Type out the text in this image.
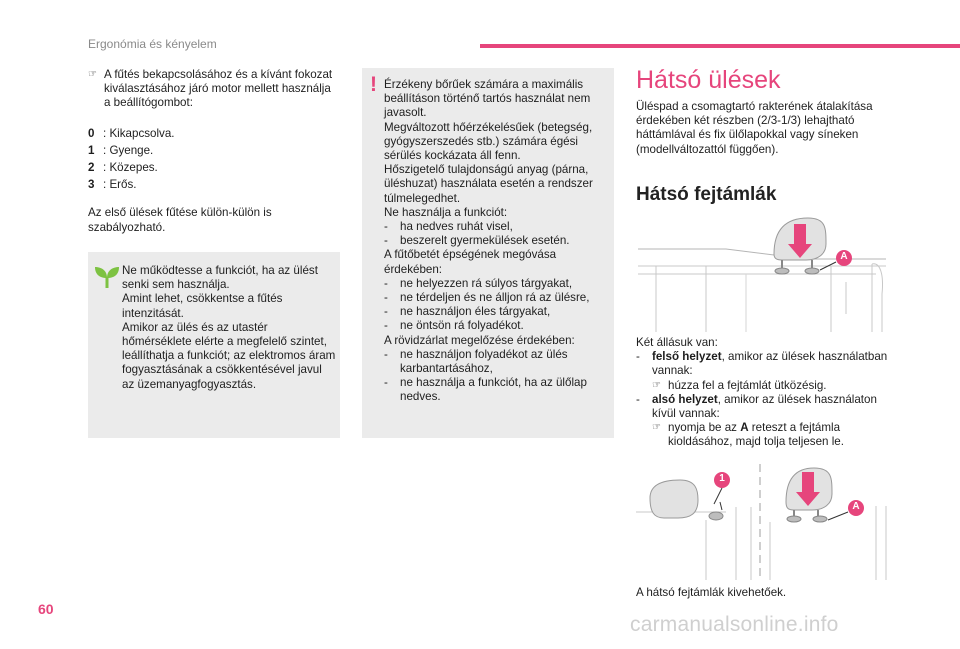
Ergonómia és kényelem
☞ A fűtés bekapcsolásához és a kívánt fokozat kiválasztásához járó motor mellett használja a beállítógombot:
0 : Kikapcsolva.
1 : Gyenge.
2 : Közepes.
3 : Erős.
Az első ülések fűtése külön-külön is szabályozható.
Ne működtesse a funkciót, ha az ülést senki sem használja.
Amint lehet, csökkentse a fűtés intenzitását.
Amikor az ülés és az utastér hőmérséklete elérte a megfelelő szintet, leállíthatja a funkciót; az elektromos áram fogyasztásának a csökkentésével javul az üzemanyagfogyasztás.
! Érzékeny bőrűek számára a maximális beállításon történő tartós használat nem javasolt.
Megváltozott hőérzékelésűek (betegség, gyógyszerszedés stb.) számára égési sérülés kockázata áll fenn.
Hőszigetelő tulajdonságú anyag (párna, üléshuzat) használata esetén a rendszer túlmelegedhet.
Ne használja a funkciót:
- ha nedves ruhát visel,
- beszerelt gyermekülések esetén.
A fűtőbetét épségének megóvása érdekében:
- ne helyezzen rá súlyos tárgyakat,
- ne térdeljen és ne álljon rá az ülésre,
- ne használjon éles tárgyakat,
- ne öntsön rá folyadékot.
A rövidzárlat megelőzése érdekében:
- ne használjon folyadékot az ülés karbantartásához,
- ne használja a funkciót, ha az ülőlap nedves.
Hátsó ülések
Üléspad a csomagtartó rakterének átalakítása érdekében két részben (2/3-1/3) lehajtható háttámlával és fix ülőlapokkal vagy síneken (modellváltozattól függően).
Hátsó fejtámlák
A
Két állásuk van:
- felső helyzet, amikor az ülések használatban vannak:
☞ húzza fel a fejtámlát ütközésig.
- alsó helyzet, amikor az ülések használaton kívül vannak:
☞ nyomja be az A reteszt a fejtámla kioldásához, majd tolja teljesen le.
1
A
A hátsó fejtámlák kivehetőek.
60
carmanualsonline.info
